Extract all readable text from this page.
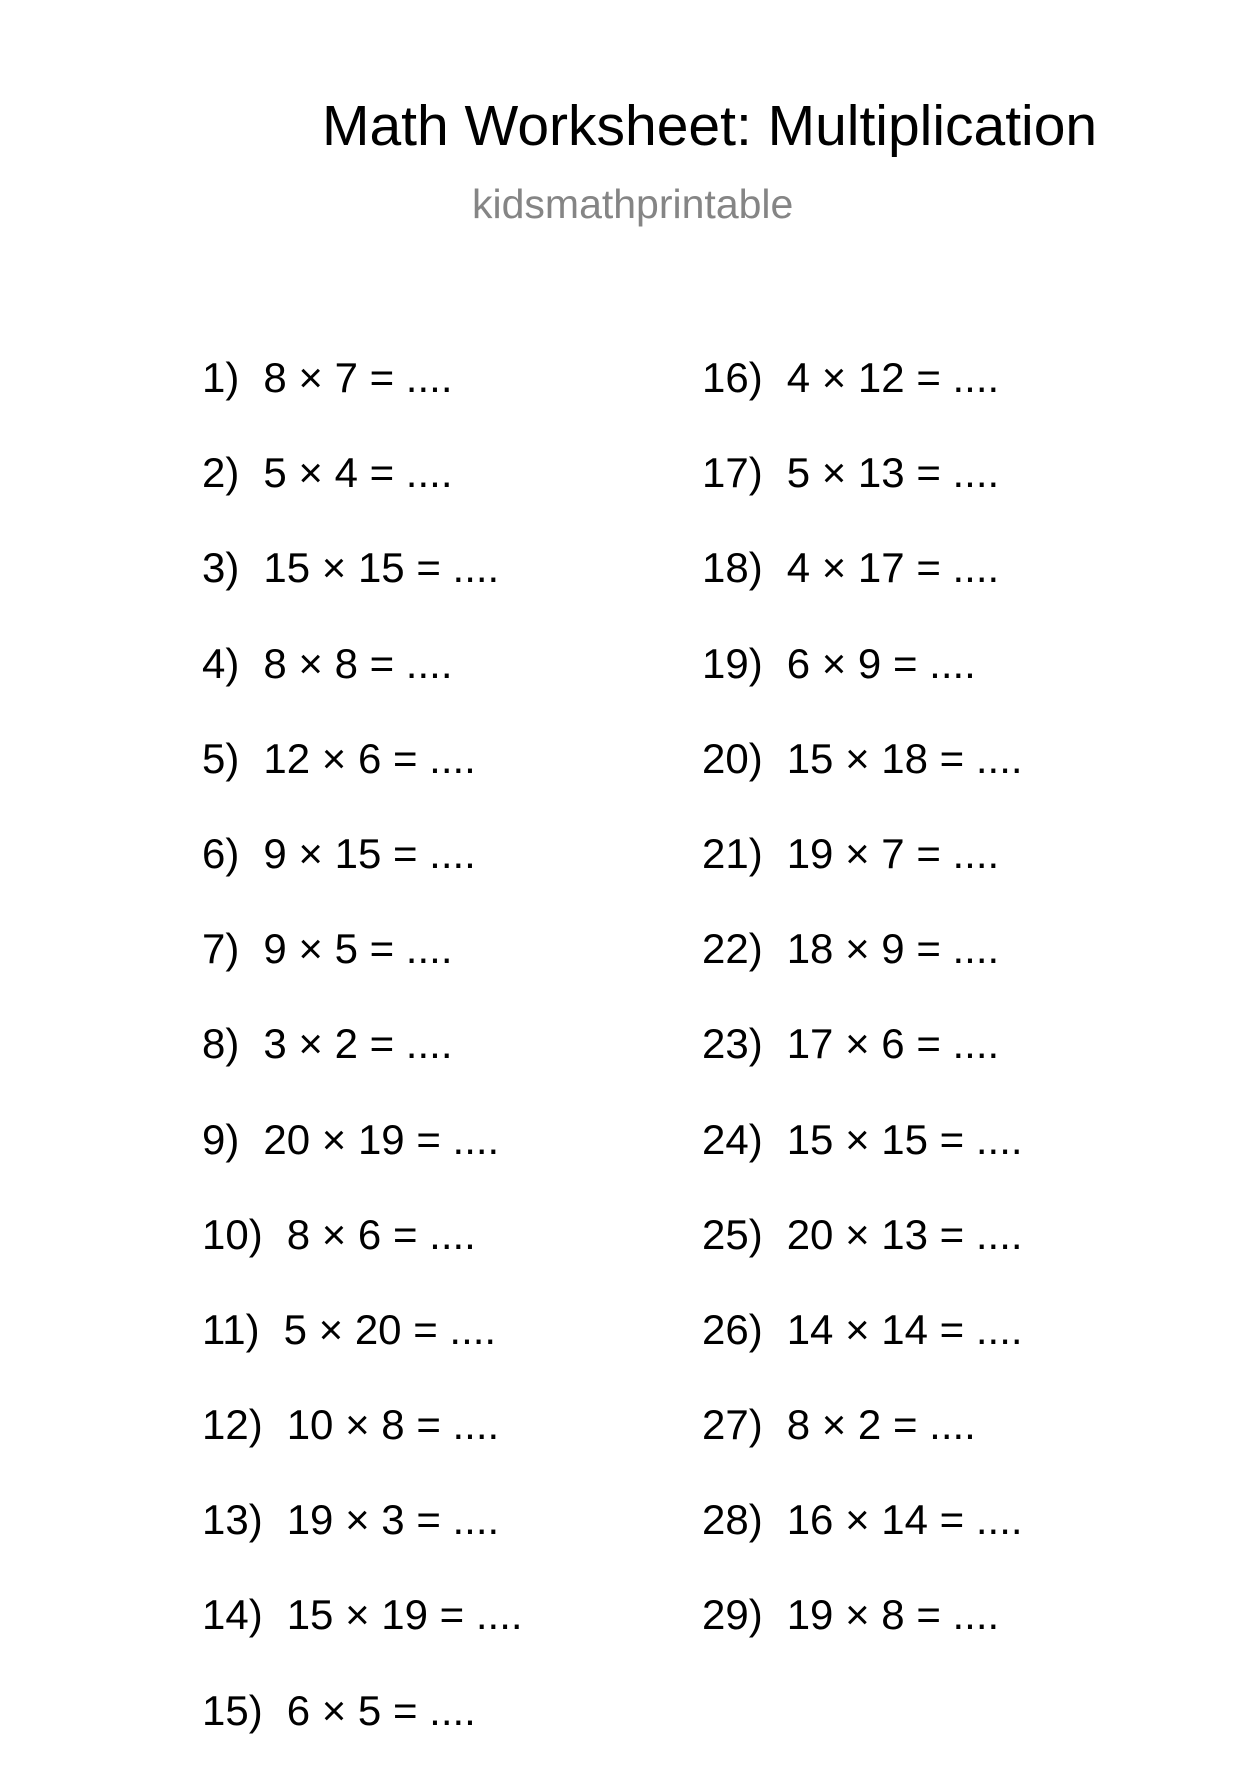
Math Worksheet: Multiplication
kidsmathprintable
1) 8 × 7 = ....
2) 5 × 4 = ....
3) 15 × 15 = ....
4) 8 × 8 = ....
5) 12 × 6 = ....
6) 9 × 15 = ....
7) 9 × 5 = ....
8) 3 × 2 = ....
9) 20 × 19 = ....
10) 8 × 6 = ....
11) 5 × 20 = ....
12) 10 × 8 = ....
13) 19 × 3 = ....
14) 15 × 19 = ....
15) 6 × 5 = ....
16) 4 × 12 = ....
17) 5 × 13 = ....
18) 4 × 17 = ....
19) 6 × 9 = ....
20) 15 × 18 = ....
21) 19 × 7 = ....
22) 18 × 9 = ....
23) 17 × 6 = ....
24) 15 × 15 = ....
25) 20 × 13 = ....
26) 14 × 14 = ....
27) 8 × 2 = ....
28) 16 × 14 = ....
29) 19 × 8 = ....
